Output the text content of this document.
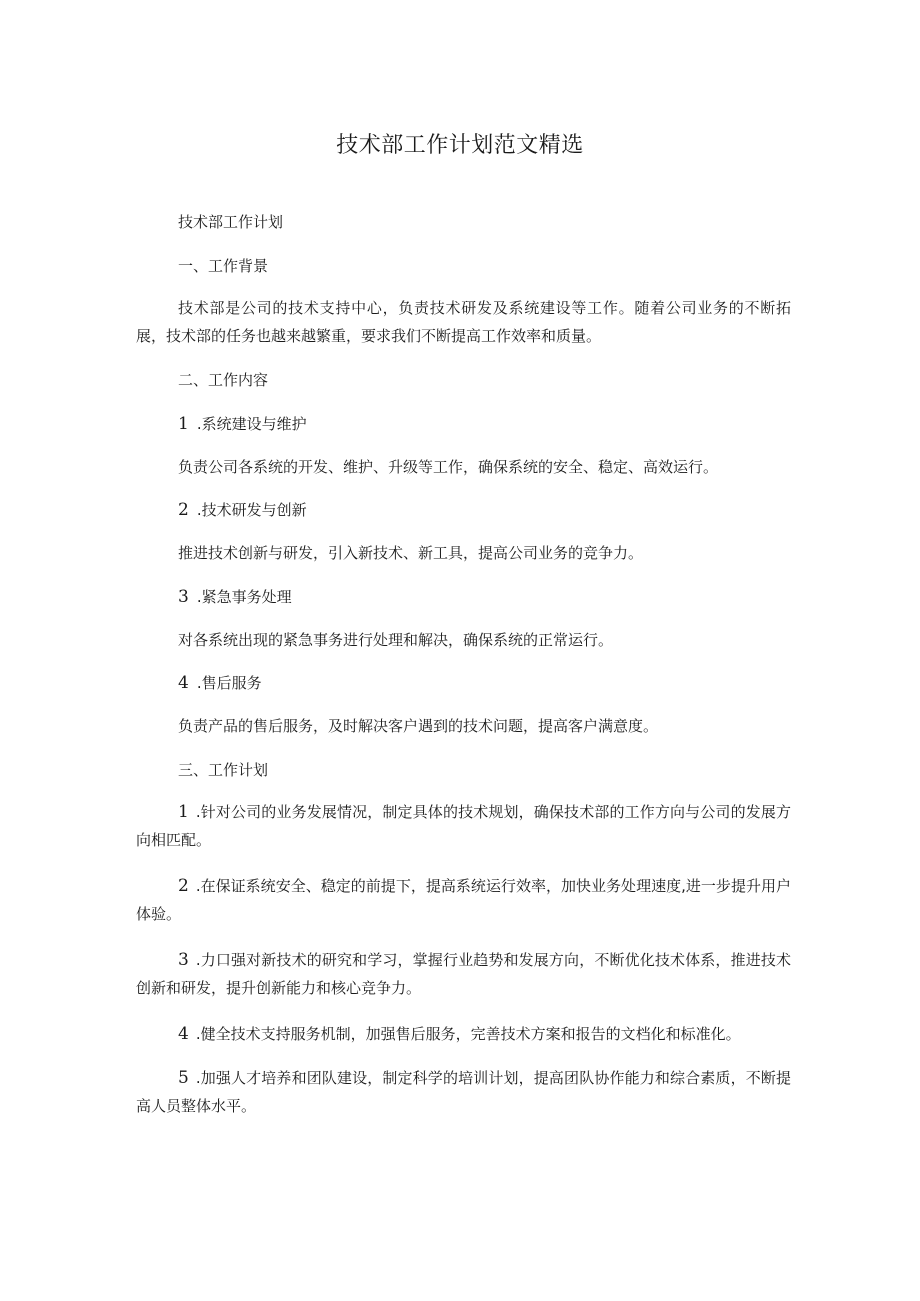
技术部工作计划范文精选
技术部工作计划
一、工作背景
技术部是公司的技术支持中心，负责技术研发及系统建设等工作。随着公司业务的不断拓展，技术部的任务也越来越繁重，要求我们不断提高工作效率和质量。
二、工作内容
1 .系统建设与维护
负责公司各系统的开发、维护、升级等工作，确保系统的安全、稳定、高效运行。
2 .技术研发与创新
推进技术创新与研发，引入新技术、新工具，提高公司业务的竞争力。
3 .紧急事务处理
对各系统出现的紧急事务进行处理和解决，确保系统的正常运行。
4 .售后服务
负责产品的售后服务，及时解决客户遇到的技术问题，提高客户满意度。
三、工作计划
1 .针对公司的业务发展情况，制定具体的技术规划，确保技术部的工作方向与公司的发展方向相匹配。
2 .在保证系统安全、稳定的前提下，提高系统运行效率，加快业务处理速度,进一步提升用户体验。
3 .力口强对新技术的研究和学习，掌握行业趋势和发展方向，不断优化技术体系，推进技术创新和研发，提升创新能力和核心竞争力。
4 .健全技术支持服务机制，加强售后服务，完善技术方案和报告的文档化和标准化。
5 .加强人才培养和团队建设，制定科学的培训计划，提高团队协作能力和综合素质，不断提高人员整体水平。
